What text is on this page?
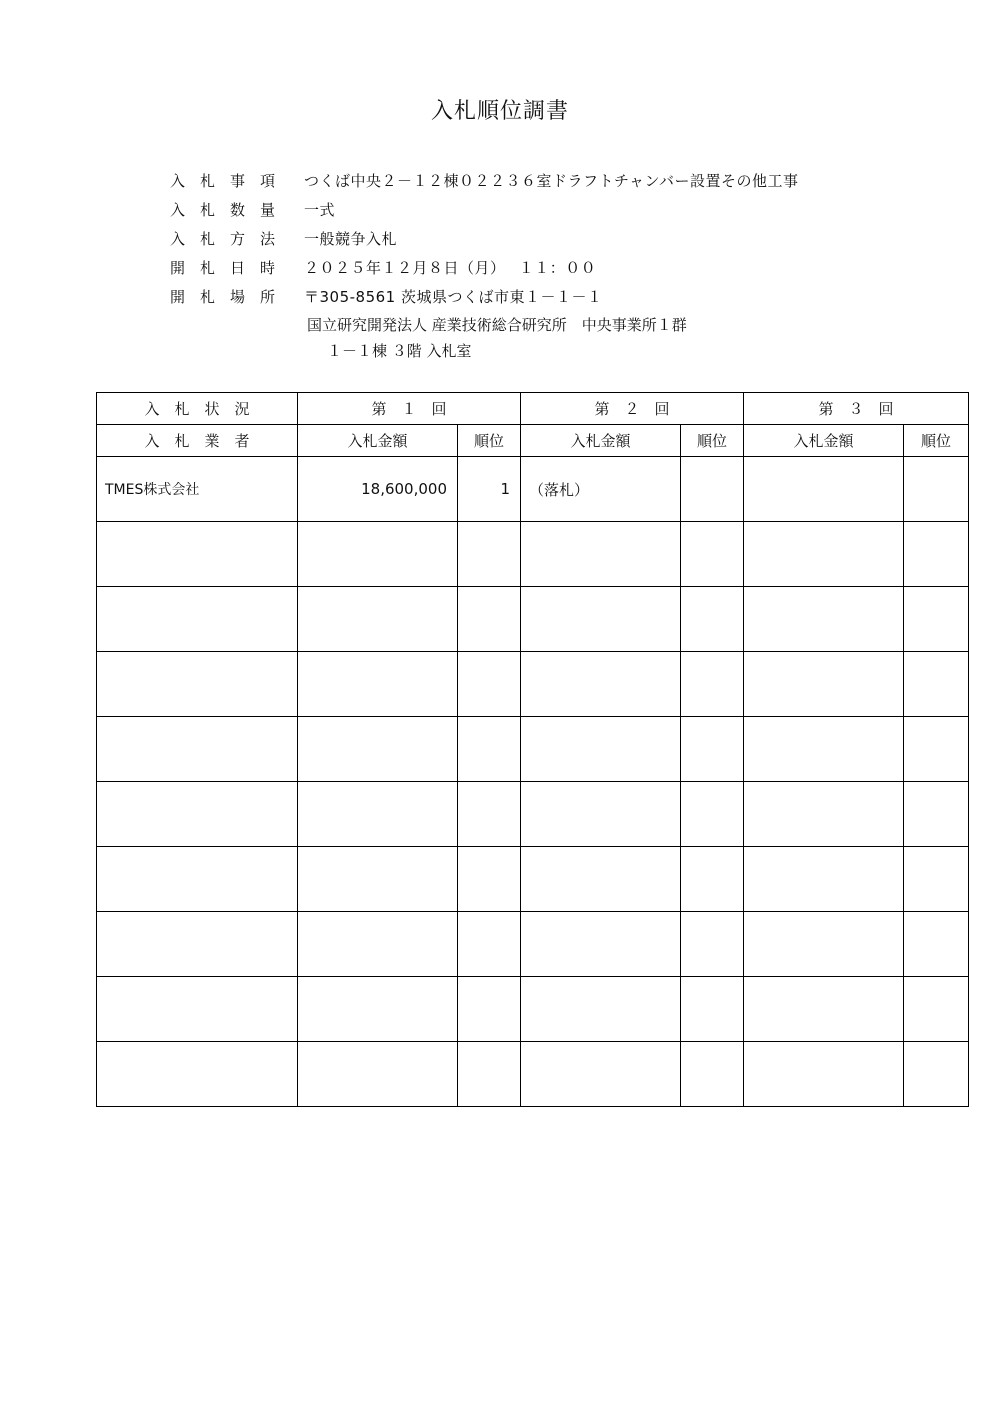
入札順位調書
入　札　事　項	つくば中央２－１２棟０２２３６室ドラフトチャンバー設置その他工事
入　札　数　量	一式
入　札　方　法	一般競争入札
開　札　日　時	２０２５年１２月８日（月）　 １１：００
開　札　場　所	〒305-8561 茨城県つくば市東１－１－１
国立研究開発法人 産業技術総合研究所　中央事業所１群
１－１棟 ３階 入札室
入　札　状　況	第　１　回		第　２　回		第　３　回	
入　札　業　者	入札金額	順位	入札金額	順位	入札金額	順位
TMES株式会社	18,600,000	1	（落札）			
